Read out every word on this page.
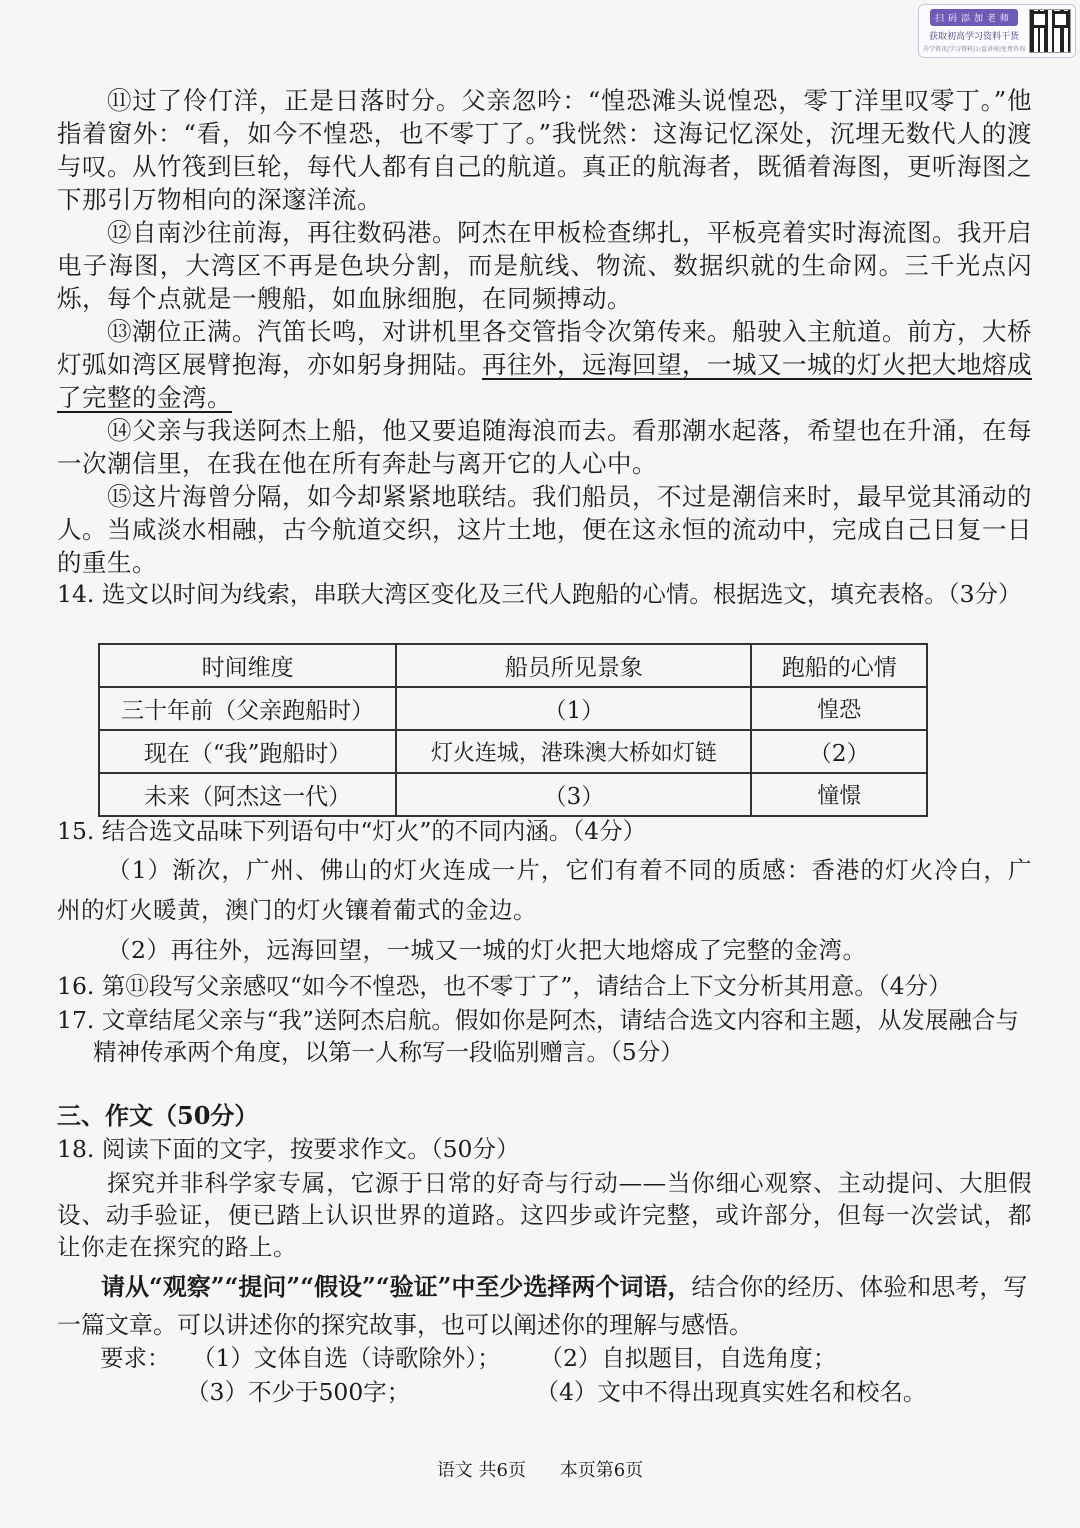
扫码添加老师
获取初高学习资料干货
升学资讯|学习资料|公益讲座|免费咨询

⑪过了伶仃洋，正是日落时分。父亲忽吟：“惶恐滩头说惶恐，零丁洋里叹零丁。”他指着窗外：“看，如今不惶恐，也不零丁了。”我恍然：这海记忆深处，沉埋无数代人的渡与叹。从竹筏到巨轮，每代人都有自己的航道。真正的航海者，既循着海图，更听海图之下那引万物相向的深邃洋流。

⑫自南沙往前海，再往数码港。阿杰在甲板检查绑扎，平板亮着实时海流图。我开启电子海图，大湾区不再是色块分割，而是航线、物流、数据织就的生命网。三千光点闪烁，每个点就是一艘船，如血脉细胞，在同频搏动。

⑬潮位正满。汽笛长鸣，对讲机里各交管指令次第传来。船驶入主航道。前方，大桥灯弧如湾区展臂抱海，亦如躬身拥陆。再往外，远海回望，一城又一城的灯火把大地熔成了完整的金湾。

⑭父亲与我送阿杰上船，他又要追随海浪而去。看那潮水起落，希望也在升涌，在每一次潮信里，在我在他在所有奔赴与离开它的人心中。

⑮这片海曾分隔，如今却紧紧地联结。我们船员，不过是潮信来时，最早觉其涌动的人。当咸淡水相融，古今航道交织，这片土地，便在这永恒的流动中，完成自己日复一日的重生。

14. 选文以时间为线索，串联大湾区变化及三代人跑船的心情。根据选文，填充表格。（3分）
时间维度	船员所见景象	跑船的心情
三十年前（父亲跑船时）	（1）	惶恐
现在（“我”跑船时）	灯火连城，港珠澳大桥如灯链	（2）
未来（阿杰这一代）	（3）	憧憬
15. 结合选文品味下列语句中“灯火”的不同内涵。（4分）

（1）渐次，广州、佛山的灯火连成一片，它们有着不同的质感：香港的灯火冷白，广州的灯火暖黄，澳门的灯火镶着葡式的金边。

（2）再往外，远海回望，一城又一城的灯火把大地熔成了完整的金湾。

16. 第⑪段写父亲感叹“如今不惶恐，也不零丁了”，请结合上下文分析其用意。（4分）
17. 文章结尾父亲与“我”送阿杰启航。假如你是阿杰，请结合选文内容和主题，从发展融合与精神传承两个角度，以第一人称写一段临别赠言。（5分）
三、作文（50分）
18. 阅读下面的文字，按要求作文。（50分）

探究并非科学家专属，它源于日常的好奇与行动——当你细心观察、主动提问、大胆假设、动手验证，便已踏上认识世界的道路。这四步或许完整，或许部分，但每一次尝试，都让你走在探究的路上。

请从“观察”“提问”“假设”“验证”中至少选择两个词语，结合你的经历、体验和思考，写一篇文章。可以讲述你的探究故事，也可以阐述你的理解与感悟。
要求： （1）文体自选（诗歌除外）； （2）自拟题目，自选角度；
（3）不少于500字；	（4）文中不得出现真实姓名和校名。
语文 共6页 本页第6页
